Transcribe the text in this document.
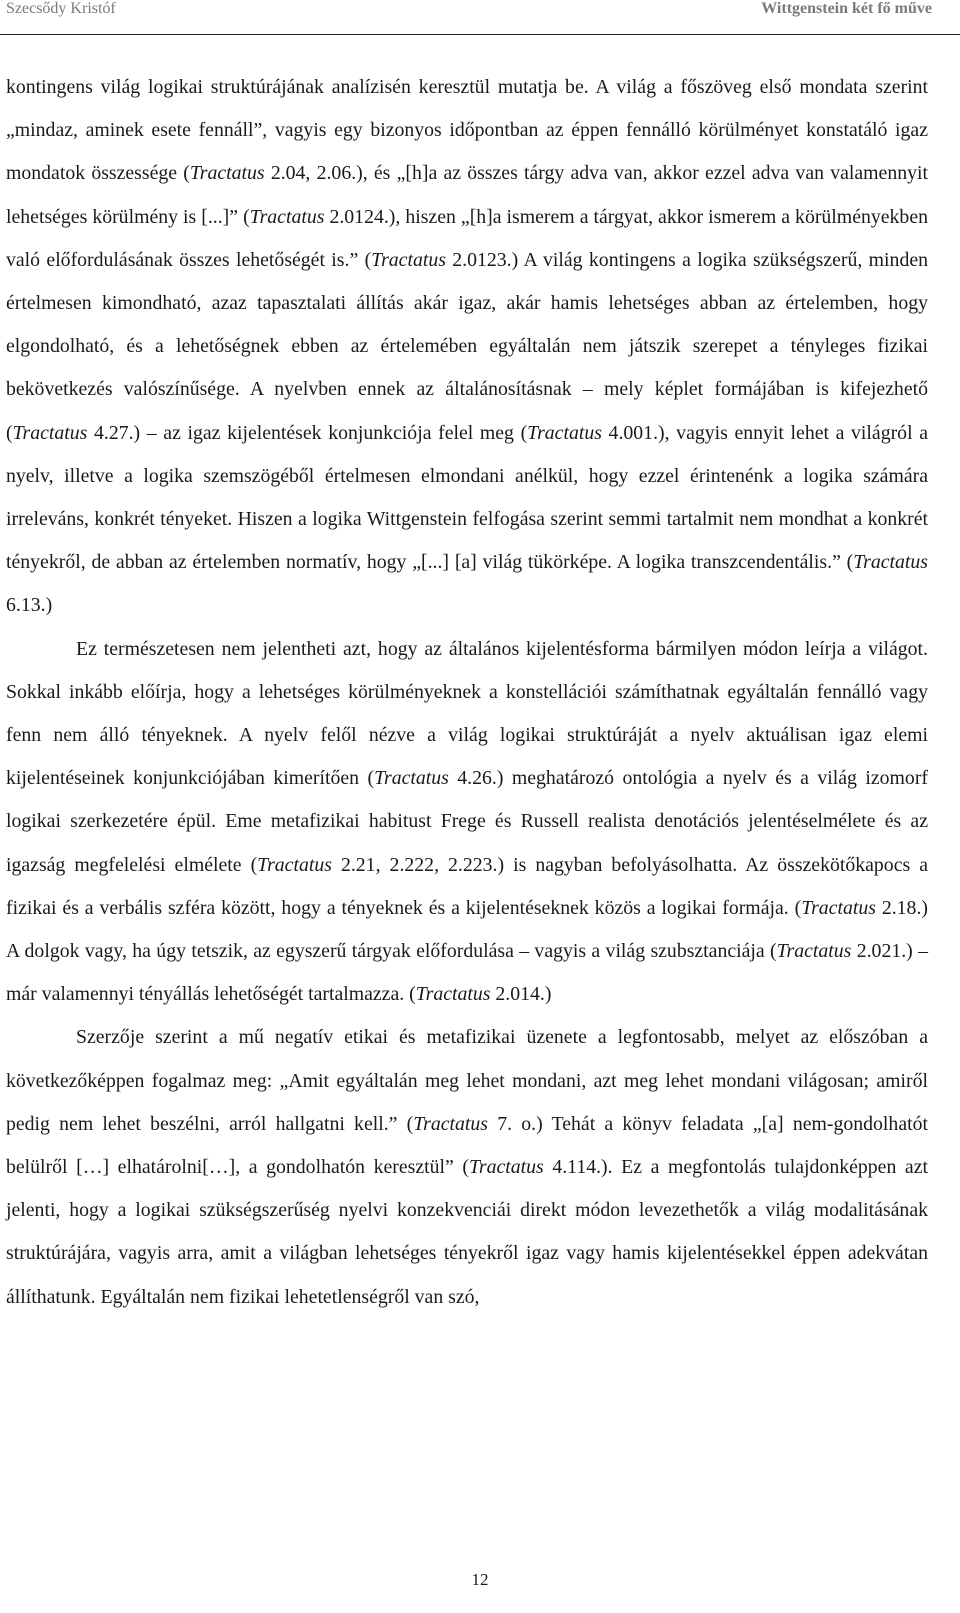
Szecsődy Kristóf	Wittgenstein két fő műve

kontingens világ logikai struktúrájának analízisén keresztül mutatja be. A világ a főszöveg első mondata szerint „mindaz, aminek esete fennáll”, vagyis egy bizonyos időpontban az éppen fennálló körülményet konstatáló igaz mondatok összessége (Tractatus 2.04, 2.06.), és „[h]a az összes tárgy adva van, akkor ezzel adva van valamennyit lehetséges körülmény is [...]” (Tractatus 2.0124.), hiszen „[h]a ismerem a tárgyat, akkor ismerem a körülményekben való előfordulásának összes lehetőségét is.” (Tractatus 2.0123.) A világ kontingens a logika szükségszerű, minden értelmesen kimondható, azaz tapasztalati állítás akár igaz, akár hamis lehetséges abban az értelemben, hogy elgondolható, és a lehetőségnek ebben az értelemében egyáltalán nem játszik szerepet a tényleges fizikai bekövetkezés valószínűsége. A nyelvben ennek az általánosításnak – mely képlet formájában is kifejezhető (Tractatus 4.27.) – az igaz kijelentések konjunkciója felel meg (Tractatus 4.001.), vagyis ennyit lehet a világról a nyelv, illetve a logika szemszögéből értelmesen elmondani anélkül, hogy ezzel érintenénk a logika számára irreleváns, konkrét tényeket. Hiszen a logika Wittgenstein felfogása szerint semmi tartalmit nem mondhat a konkrét tényekről, de abban az értelemben normatív, hogy „[...] [a] világ tükörképe. A logika transzcendentális.” (Tractatus 6.13.)

Ez természetesen nem jelentheti azt, hogy az általános kijelentésforma bármilyen módon leírja a világot. Sokkal inkább előírja, hogy a lehetséges körülményeknek a konstellációi számíthatnak egyáltalán fennálló vagy fenn nem álló tényeknek. A nyelv felől nézve a világ logikai struktúráját a nyelv aktuálisan igaz elemi kijelentéseinek konjunkciójában kimerítően (Tractatus 4.26.) meghatározó ontológia a nyelv és a világ izomorf logikai szerkezetére épül. Eme metafizikai habitust Frege és Russell realista denotációs jelentéselmélete és az igazság megfelelési elmélete (Tractatus 2.21, 2.222, 2.223.) is nagyban befolyásolhatta. Az összekötőkapocs a fizikai és a verbális szféra között, hogy a tényeknek és a kijelentéseknek közös a logikai formája. (Tractatus 2.18.) A dolgok vagy, ha úgy tetszik, az egyszerű tárgyak előfordulása – vagyis a világ szubsztanciája (Tractatus 2.021.) – már valamennyi tényállás lehetőségét tartalmazza. (Tractatus 2.014.)

Szerzője szerint a mű negatív etikai és metafizikai üzenete a legfontosabb, melyet az előszóban a következőképpen fogalmaz meg: „Amit egyáltalán meg lehet mondani, azt meg lehet mondani világosan; amiről pedig nem lehet beszélni, arról hallgatni kell.” (Tractatus 7. o.) Tehát a könyv feladata „[a] nem-gondolhatót belülről […] elhatárolni[…], a gondolhatón keresztül” (Tractatus 4.114.). Ez a megfontolás tulajdonképpen azt jelenti, hogy a logikai szükségszerűség nyelvi konzekvenciái direkt módon levezethetők a világ modalitásának struktúrájára, vagyis arra, amit a világban lehetséges tényekről igaz vagy hamis kijelentésekkel éppen adekvátan állíthatunk. Egyáltalán nem fizikai lehetetlenségről van szó,

12
